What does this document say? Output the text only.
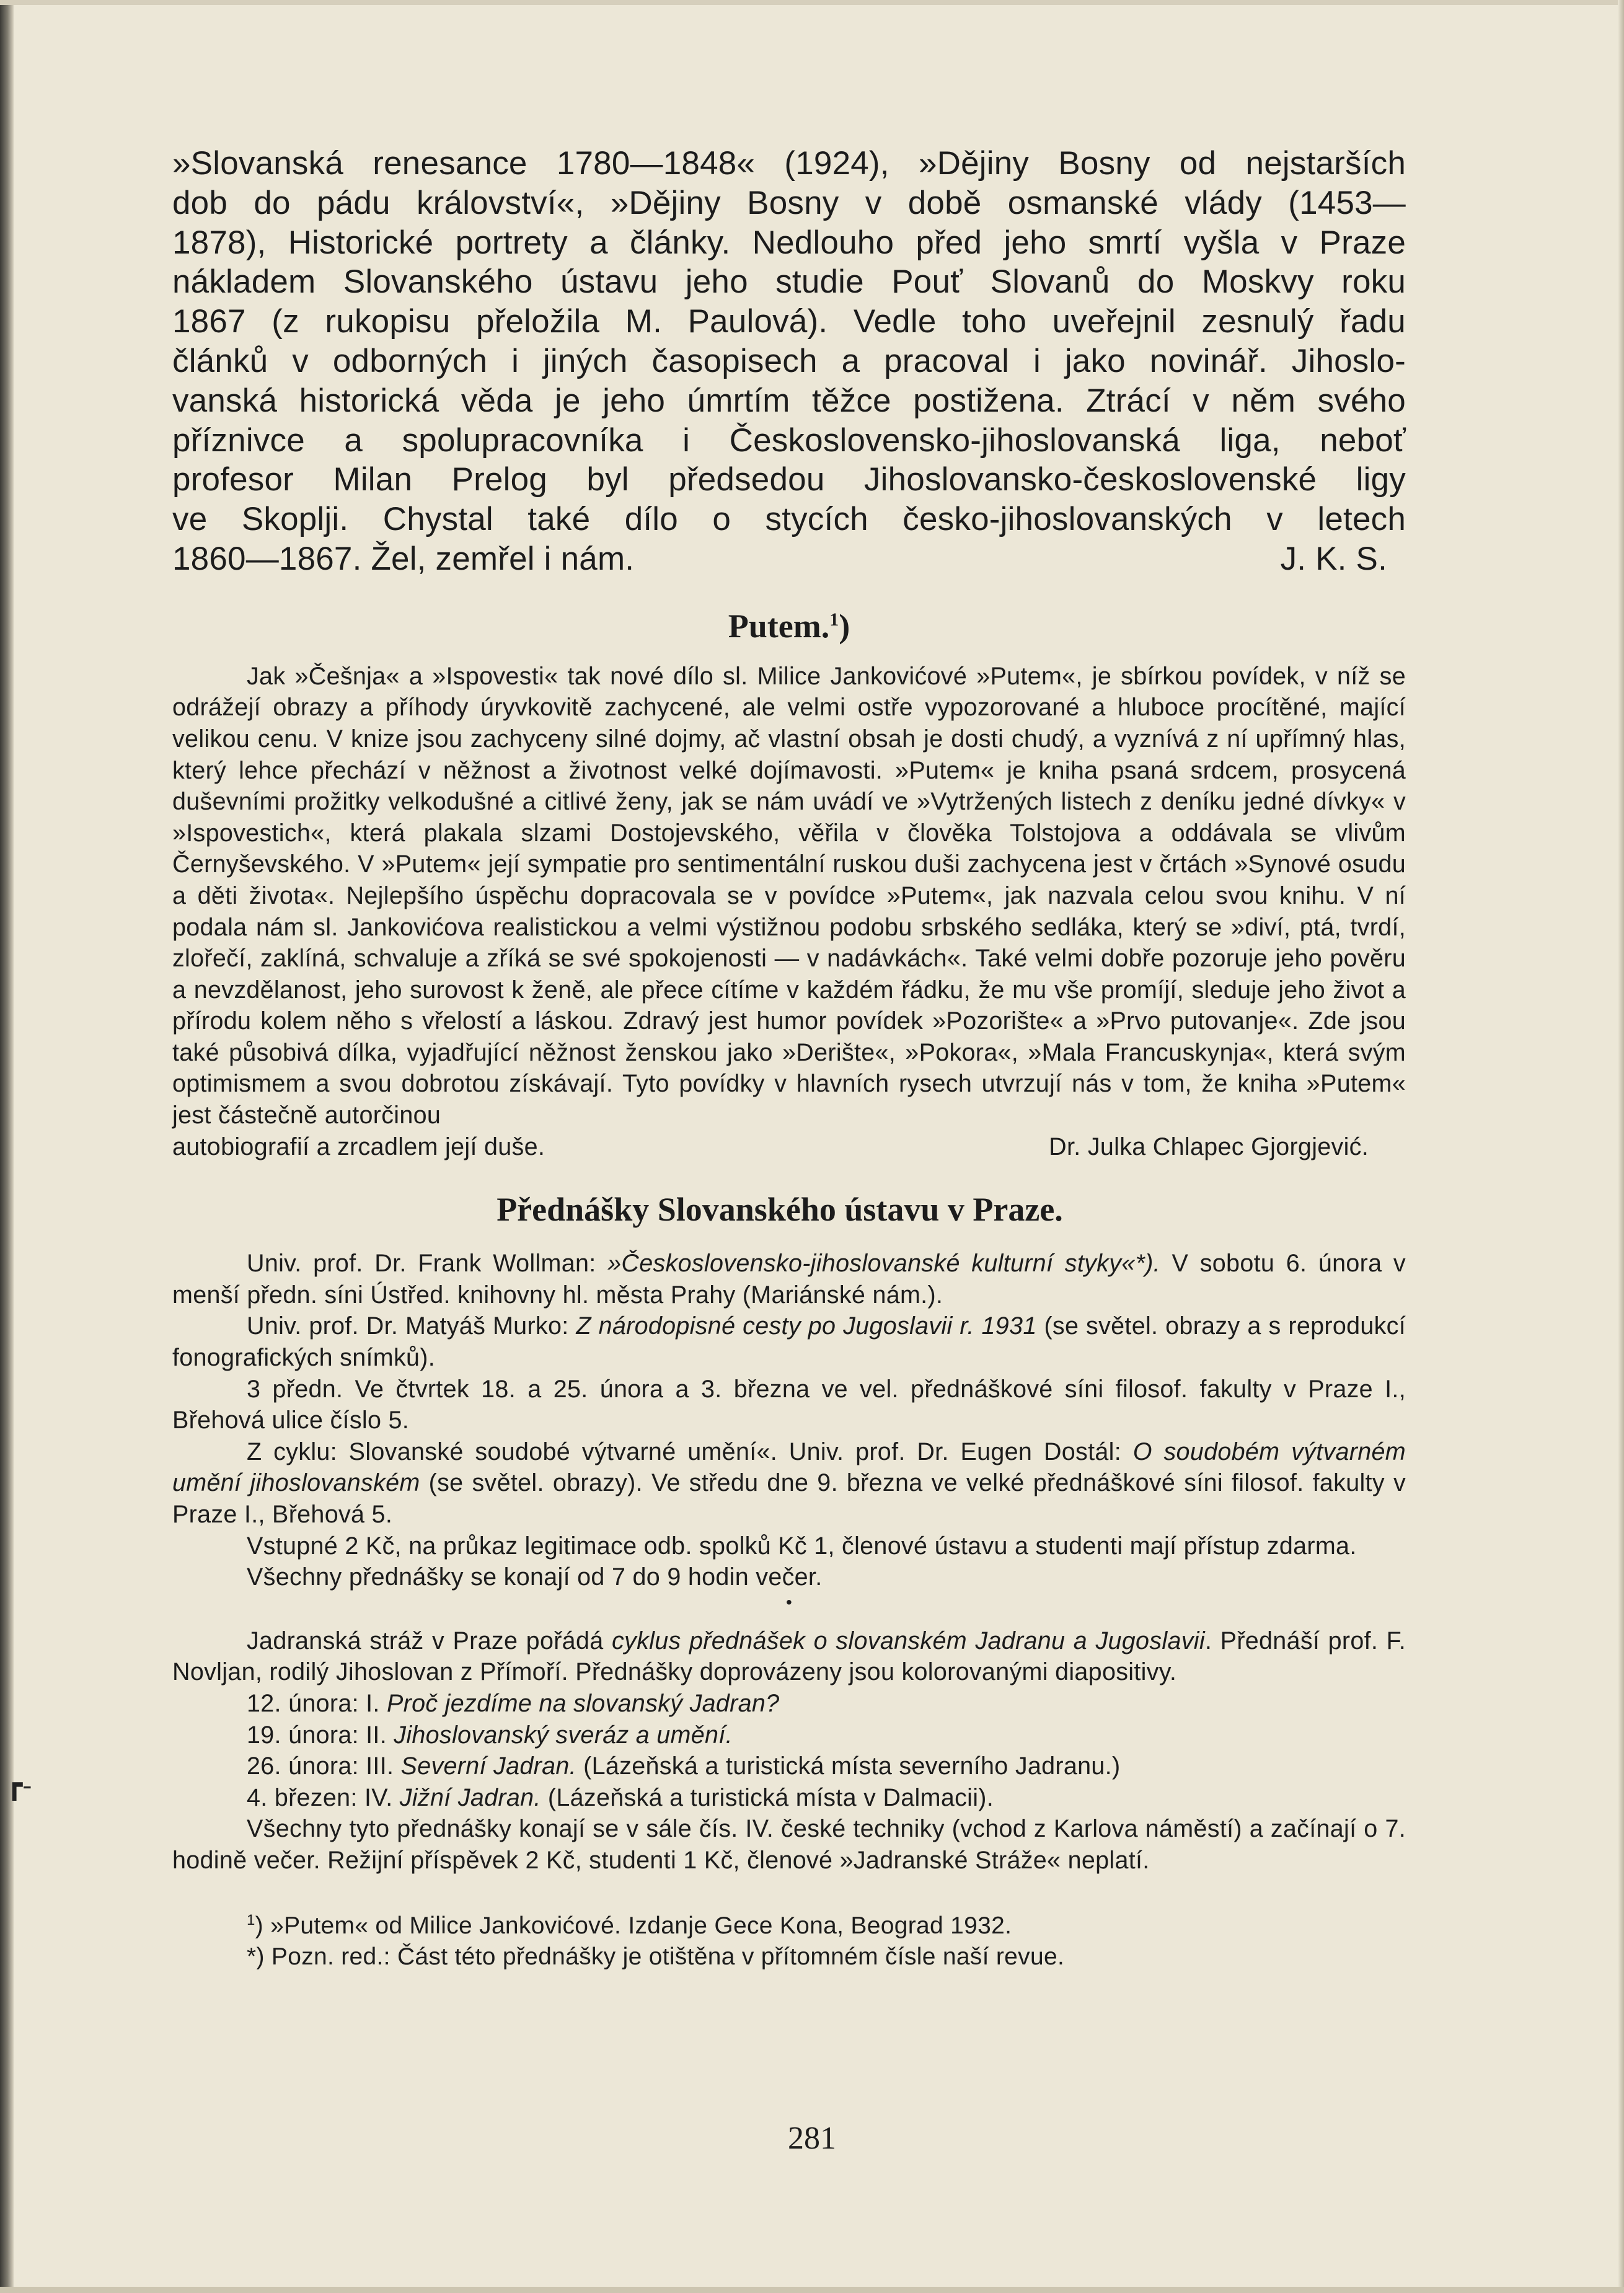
┏-

»Slovanská renesance 1780—1848« (1924), »Dějiny Bosny od nejstarších

dob do pádu království«, »Dějiny Bosny v době osmanské vlády (1453—

1878), Historické portrety a články. Nedlouho před jeho smrtí vyšla v Praze

nákladem Slovanského ústavu jeho studie Pouť Slovanů do Moskvy roku

1867 (z rukopisu přeložila M. Paulová). Vedle toho uveřejnil zesnulý řadu

článků v odborných i jiných časopisech a pracoval i jako novinář. Jihoslo-

vanská historická věda je jeho úmrtím těžce postižena. Ztrácí v něm svého

příznivce a spolupracovníka i Československo-jihoslovanská liga, neboť

profesor Milan Prelog byl předsedou Jihoslovansko-československé ligy

ve Skoplji. Chystal také dílo o stycích česko-jihoslovanských v letech

1860—1867. Žel, zemřel i nám.	J. K. S.

Putem.$^1$)

Jak »Češnja« a »Ispovesti« tak nové dílo sl. Milice Jankovićové »Putem«, je sbírkou povídek, v níž se odrážejí obrazy a příhody úryvkovitě zachycené, ale velmi ostře vypozorované a hluboce procítěné, mající velikou cenu. V knize jsou zachyceny silné dojmy, ač vlastní obsah je dosti chudý, a vyznívá z ní upřímný hlas, který lehce přechází v něžnost a životnost velké dojímavosti. »Putem« je kniha psaná srdcem, prosycená duševními prožitky velkodušné a citlivé ženy, jak se nám uvádí ve »Vytržených listech z deníku jedné dívky« v »Ispovestich«, která plakala slzami Dostojevského, věřila v člověka Tolstojova a oddávala se vlivům Černyševského. V »Putem« její sympatie pro sentimentální ruskou duši zachycena jest v črtách »Synové osudu a děti života«. Nejlepšího úspěchu dopracovala se v povídce »Putem«, jak nazvala celou svou knihu. V ní podala nám sl. Jankovićova realistickou a velmi výstižnou podobu srbského sedláka, který se »diví, ptá, tvrdí, zlořečí, zaklíná, schvaluje a zříká se své spokojenosti — v nadávkách«. Také velmi dobře pozoruje jeho pověru a nevzdělanost, jeho surovost k ženě, ale přece cítíme v každém řádku, že mu vše promíjí, sleduje jeho život a přírodu kolem něho s vřelostí a láskou. Zdravý jest humor povídek »Pozorište« a »Prvo putovanje«. Zde jsou také působivá dílka, vyjadřující něžnost ženskou jako »Derište«, »Pokora«, »Mala Francuskynja«, která svým optimismem a svou dobrotou získávají. Tyto povídky v hlavních rysech utvrzují nás v tom, že kniha »Putem« jest částečně autorčinou

autobiografií a zrcadlem její duše.	Dr. Julka Chlapec Gjorgjević.
Přednášky Slovanského ústavu v Praze.

Univ. prof. Dr. Frank Wollman: »Československo-jihoslovanské kulturní styky«*). V sobotu 6. února v menší předn. síni Ústřed. knihovny hl. města Prahy (Mariánské nám.).

Univ. prof. Dr. Matyáš Murko: Z národopisné cesty po Jugoslavii r. 1931 (se světel. obrazy a s reprodukcí fonografických snímků).

3 předn. Ve čtvrtek 18. a 25. února a 3. března ve vel. přednáškové síni filosof. fakulty v Praze I., Břehová ulice číslo 5.

Z cyklu: Slovanské soudobé výtvarné umění«. Univ. prof. Dr. Eugen Dostál: O soudobém výtvarném umění jihoslovanském (se světel. obrazy). Ve středu dne 9. března ve velké přednáškové síni filosof. fakulty v Praze I., Břehová 5.

Vstupné 2 Kč, na průkaz legitimace odb. spolků Kč 1, členové ústavu a studenti mají přístup zdarma.

Všechny přednášky se konají od 7 do 9 hodin večer.

•

Jadranská stráž v Praze pořádá cyklus přednášek o slovanském Jadranu a Jugoslavii. Přednáší prof. F. Novljan, rodilý Jihoslovan z Přímoří. Přednášky doprovázeny jsou kolorovanými diapositivy.

12. února: I. Proč jezdíme na slovanský Jadran?
19. února: II. Jihoslovanský sveráz a umění.
26. února: III. Severní Jadran. (Lázeňská a turistická místa severního Jadranu.)
4. březen: IV. Jižní Jadran. (Lázeňská a turistická místa v Dalmacii).

Všechny tyto přednášky konají se v sále čís. IV. české techniky (vchod z Karlova náměstí) a začínají o 7. hodině večer. Režijní příspěvek 2 Kč, studenti 1 Kč, členové »Jadranské Stráže« neplatí.

$^1$) »Putem« od Milice Jankovićové. Izdanje Gece Kona, Beograd 1932.

*) Pozn. red.: Část této přednášky je otištěna v přítomném čísle naší revue.

281
